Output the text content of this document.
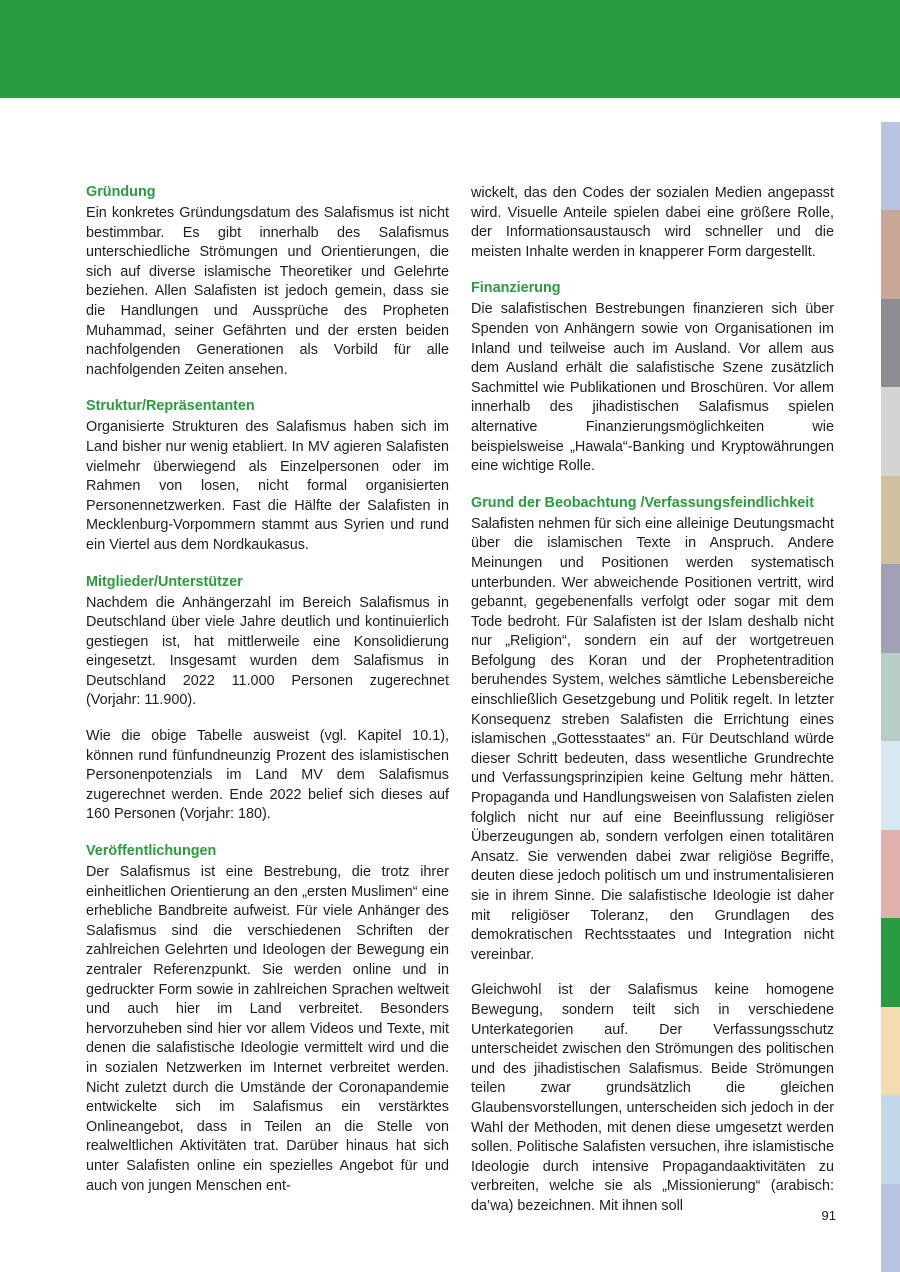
Gründung

Ein konkretes Gründungsdatum des Salafismus ist nicht bestimmbar. Es gibt innerhalb des Salafismus unterschiedliche Strömungen und Orientierungen, die sich auf diverse islamische Theoretiker und Gelehrte beziehen. Allen Salafisten ist jedoch gemein, dass sie die Handlungen und Aussprüche des Propheten Muhammad, seiner Gefährten und der ersten beiden nachfolgenden Generationen als Vorbild für alle nachfolgenden Zeiten ansehen.

Struktur/Repräsentanten

Organisierte Strukturen des Salafismus haben sich im Land bisher nur wenig etabliert. In MV agieren Salafisten vielmehr überwiegend als Einzelpersonen oder im Rahmen von losen, nicht formal organisierten Personennetzwerken. Fast die Hälfte der Salafisten in Mecklenburg-Vorpommern stammt aus Syrien und rund ein Viertel aus dem Nordkaukasus.

Mitglieder/Unterstützer

Nachdem die Anhängerzahl im Bereich Salafismus in Deutschland über viele Jahre deutlich und kontinuierlich gestiegen ist, hat mittlerweile eine Konsolidierung eingesetzt. Insgesamt wurden dem Salafismus in Deutschland 2022 11.000 Personen zugerechnet (Vorjahr: 11.900).

Wie die obige Tabelle ausweist (vgl. Kapitel 10.1), können rund fünfundneunzig Prozent des islamistischen Personenpotenzials im Land MV dem Salafismus zugerechnet werden. Ende 2022 belief sich dieses auf 160 Personen (Vorjahr: 180).

Veröffentlichungen

Der Salafismus ist eine Bestrebung, die trotz ihrer einheitlichen Orientierung an den „ersten Muslimen“ eine erhebliche Bandbreite aufweist. Für viele Anhänger des Salafismus sind die verschiedenen Schriften der zahlreichen Gelehrten und Ideologen der Bewegung ein zentraler Referenzpunkt. Sie werden online und in gedruckter Form sowie in zahlreichen Sprachen weltweit und auch hier im Land verbreitet. Besonders hervorzuheben sind hier vor allem Videos und Texte, mit denen die salafistische Ideologie vermittelt wird und die in sozialen Netzwerken im Internet verbreitet werden. Nicht zuletzt durch die Umstände der Coronapandemie entwickelte sich im Salafismus ein verstärktes Onlineangebot, dass in Teilen an die Stelle von realweltlichen Aktivitäten trat. Darüber hinaus hat sich unter Salafisten online ein spezielles Angebot für und auch von jungen Menschen ent-

wickelt, das den Codes der sozialen Medien angepasst wird. Visuelle Anteile spielen dabei eine größere Rolle, der Informationsaustausch wird schneller und die meisten Inhalte werden in knapperer Form dargestellt.

Finanzierung

Die salafistischen Bestrebungen finanzieren sich über Spenden von Anhängern sowie von Organisationen im Inland und teilweise auch im Ausland. Vor allem aus dem Ausland erhält die salafistische Szene zusätzlich Sachmittel wie Publikationen und Broschüren. Vor allem innerhalb des jihadistischen Salafismus spielen alternative Finanzierungsmöglichkeiten wie beispielsweise „Hawala“-Banking und Kryptowährungen eine wichtige Rolle.

Grund der Beobachtung /Verfassungsfeindlichkeit

Salafisten nehmen für sich eine alleinige Deutungsmacht über die islamischen Texte in Anspruch. Andere Meinungen und Positionen werden systematisch unterbunden. Wer abweichende Positionen vertritt, wird gebannt, gegebenenfalls verfolgt oder sogar mit dem Tode bedroht. Für Salafisten ist der Islam deshalb nicht nur „Religion“, sondern ein auf der wortgetreuen Befolgung des Koran und der Prophetentradition beruhendes System, welches sämtliche Lebensbereiche einschließlich Gesetzgebung und Politik regelt. In letzter Konsequenz streben Salafisten die Errichtung eines islamischen „Gottesstaates“ an. Für Deutschland würde dieser Schritt bedeuten, dass wesentliche Grundrechte und Verfassungsprinzipien keine Geltung mehr hätten. Propaganda und Handlungsweisen von Salafisten zielen folglich nicht nur auf eine Beeinflussung religiöser Überzeugungen ab, sondern verfolgen einen totalitären Ansatz. Sie verwenden dabei zwar religiöse Begriffe, deuten diese jedoch politisch um und instrumentalisieren sie in ihrem Sinne. Die salafistische Ideologie ist daher mit religiöser Toleranz, den Grundlagen des demokratischen Rechtsstaates und Integration nicht vereinbar.

Gleichwohl ist der Salafismus keine homogene Bewegung, sondern teilt sich in verschiedene Unterkategorien auf. Der Verfassungsschutz unterscheidet zwischen den Strömungen des politischen und des jihadistischen Salafismus. Beide Strömungen teilen zwar grundsätzlich die gleichen Glaubensvorstellungen, unterscheiden sich jedoch in der Wahl der Methoden, mit denen diese umgesetzt werden sollen. Politische Salafisten versuchen, ihre islamistische Ideologie durch intensive Propagandaaktivitäten zu verbreiten, welche sie als „Missionierung“ (arabisch: da’wa) bezeichnen. Mit ihnen soll

91
